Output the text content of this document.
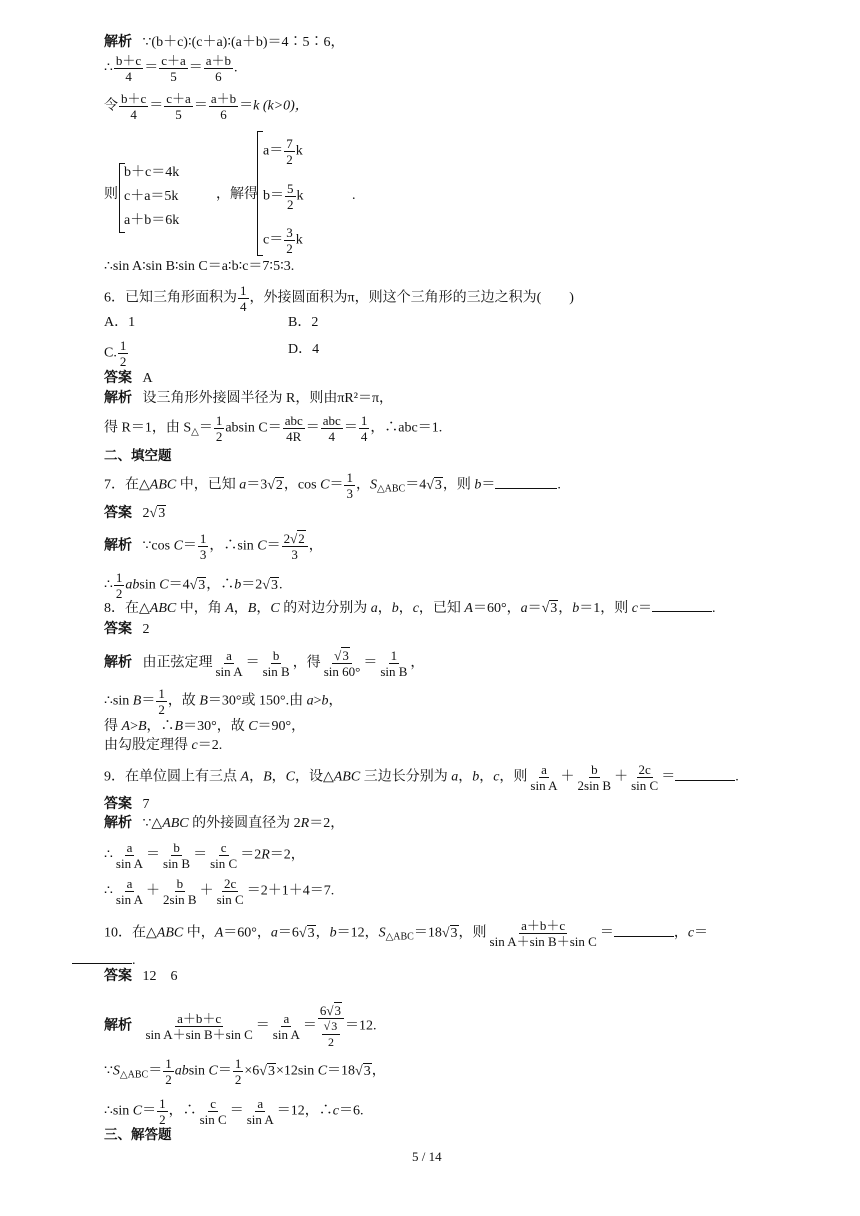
解析 ∵(b＋c)∶(c＋a)∶(a＋b)＝4∶5∶6，
∴ $\frac{b+c}{4} = \frac{c+a}{5} = \frac{a+b}{6}$ .
令 $\frac{b+c}{4} = \frac{c+a}{5} = \frac{a+b}{6} =k$ (k>0)，
则
b＋c＝4k
c＋a＝5k
a＋b＝6k
，解得
$a= \frac{7}{2}$ k
$b= \frac{5}{2}$ k
$c= \frac{3}{2}$ k
.
∴sin A∶sin B∶sin C＝a∶b∶c＝7∶5∶3.
6．已知三角形面积为 $\frac{1}{4}$ ，外接圆面积为π，则这个三角形的三边之积为(　　)
A．1	B．2
C. $\frac{1}{2}$	D．4
答案 A
解析 设三角形外接圆半径为 R，则由πR²＝π，
得 R＝1，由 $S_\triangle= \frac{1}{2}$ absin $C= \frac{\text{abc}}{4R} = \frac{\text{abc}}{4} = \frac{1}{4}$ ，∴abc＝1.
二、填空题
7．在△ABC 中，已知 a＝3√2，$\cos C= \frac{1}{3}$ ，$S_{\triangle ABC}=4√3$，则 b＝	.
答案   2√3
解析   ∵cos $C= \frac{1}{3}$ ，∴sin $C= \frac{2√2}{3}$ ，
∴ $\frac{1}{2}$ absin C＝4√3，∴b＝2√3.
8．在△ABC 中，角 A，B，C 的对边分别为 a，b，c，已知 A＝60°，a＝√3，b＝1，则 c＝	.
答案 2
解析   由正弦定理 $\frac{a}{\text{sin A}} = \frac{b}{\text{sin B}}$ ，得 $\frac{√3}{\sin 60^\circ} = \frac{1}{\text{sin B}}$ ，
∴sin $B= \frac{1}{2}$ ，故 B＝30°或 150°.由 a>b，
得 A>B，∴B＝30°，故 C＝90°，
由勾股定理得 c＝2.
9．在单位圆上有三点 A，B，C，设△ABC 三边长分别为 a，b，c，则 $\frac{a}{\text{sin A}} + \frac{b}{\text{2sin B}} + \frac{2c}{\text{sin C}}$ ＝	.
答案 7
解析   ∵△ABC 的外接圆直径为 2R＝2，
∴ $\frac{a}{\text{sin A}} = \frac{b}{\text{sin B}} = \frac{c}{\text{sin C}} =2R=2$，
∴ $\frac{a}{\text{sin A}} + \frac{b}{\text{2sin B}} + \frac{2c}{\text{sin C}} =2+1+4=7$.
10．在△ABC 中，A＝60°，a＝6√3，b＝12，$S_{\triangle ABC}=18√3$，则 $\frac{a+b+c}{\text{sin A＋sin B＋sin C}}$ ＝	，c＝
.
答案 12　6
解析 $\frac{a+b+c}{\text{sin A＋sin B＋sin C}} = \frac{a}{\text{sin A}} = \frac{6√3}{\frac{√3}{2}} =12$.
$\because S_{\triangle ABC}= \frac{1}{2}$ absin $C= \frac{1}{2} \times 6√3\times 12\sin$ C＝18√3，
∴sin $C= \frac{1}{2}$ ，∴ $\frac{c}{\text{sin C}} = \frac{a}{\text{sin A}} =12$，∴c＝6.
三、解答题
5 / 14
